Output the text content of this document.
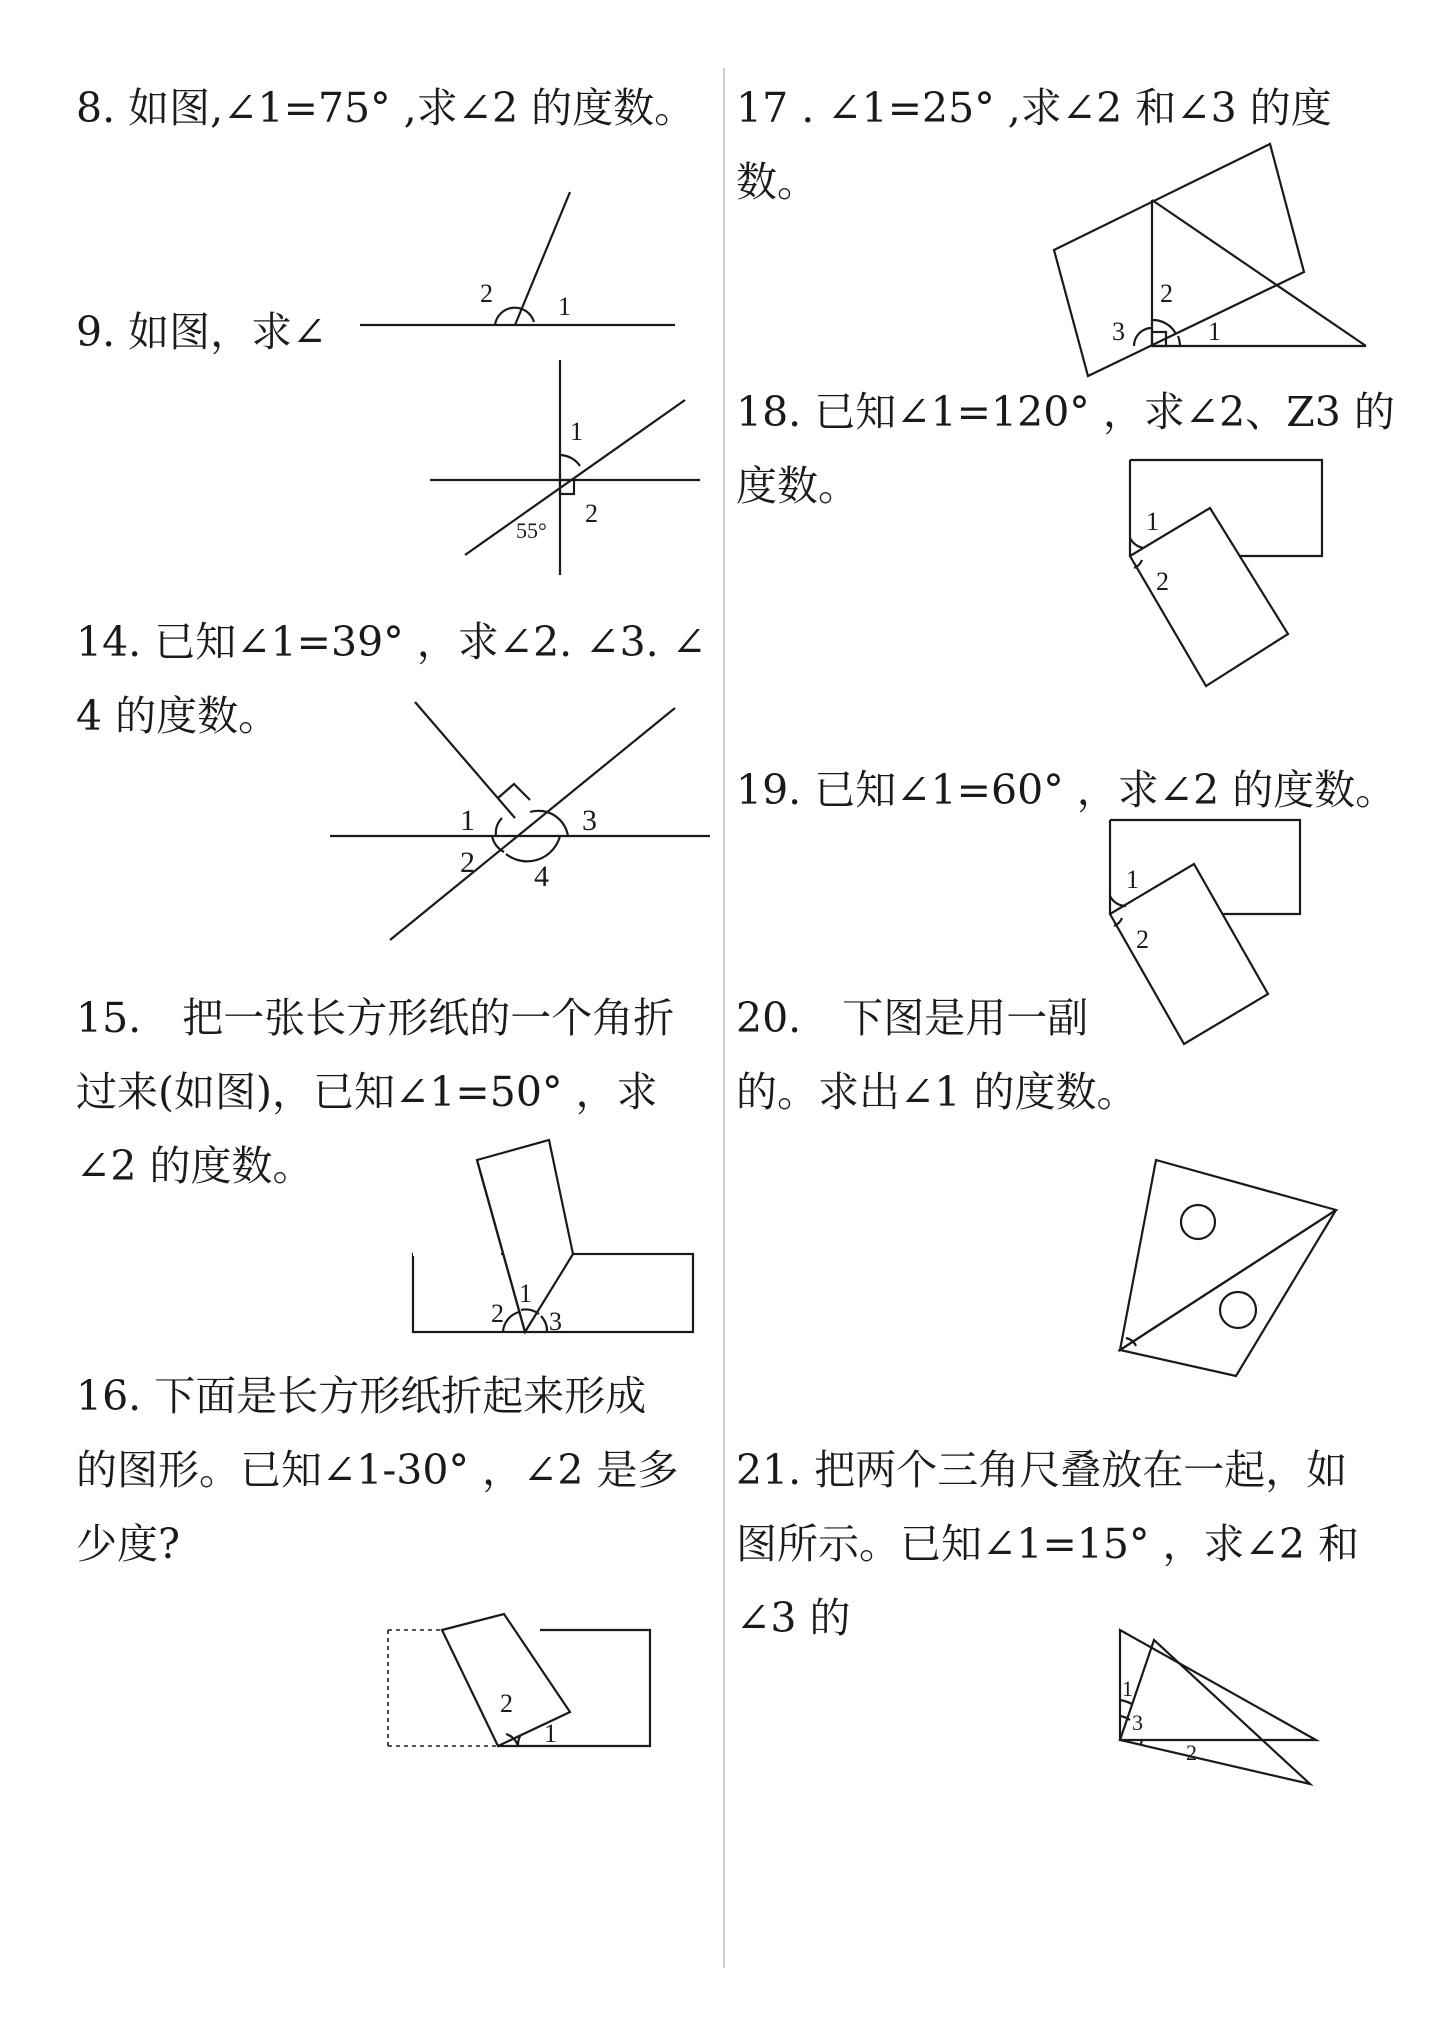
8. 如图,∠1=75° ,求∠2 的度数。
9. 如图，求∠
14. 已知∠1=39° ，求∠2. ∠3. ∠
4 的度数。
15.　把一张长方形纸的一个角折
过来(如图)，已知∠1=50° ，求
∠2 的度数。
16. 下面是长方形纸折起来形成
的图形。已知∠1-30° ，∠2 是多
少度?
17 . ∠1=25° ,求∠2 和∠3 的度
数。
18. 已知∠1=120° ，求∠2、Z3 的
度数。
19. 已知∠1=60° ，求∠2 的度数。
20.　下图是用一副
的。求出∠1 的度数。
21. 把两个三角尺叠放在一起，如
图所示。已知∠1=15° ，求∠2 和
∠3 的
2	1
1
2
55°
1	3
2 4
2
1
3
2
1
3
2
1
1
2
1
2
1
3
2
